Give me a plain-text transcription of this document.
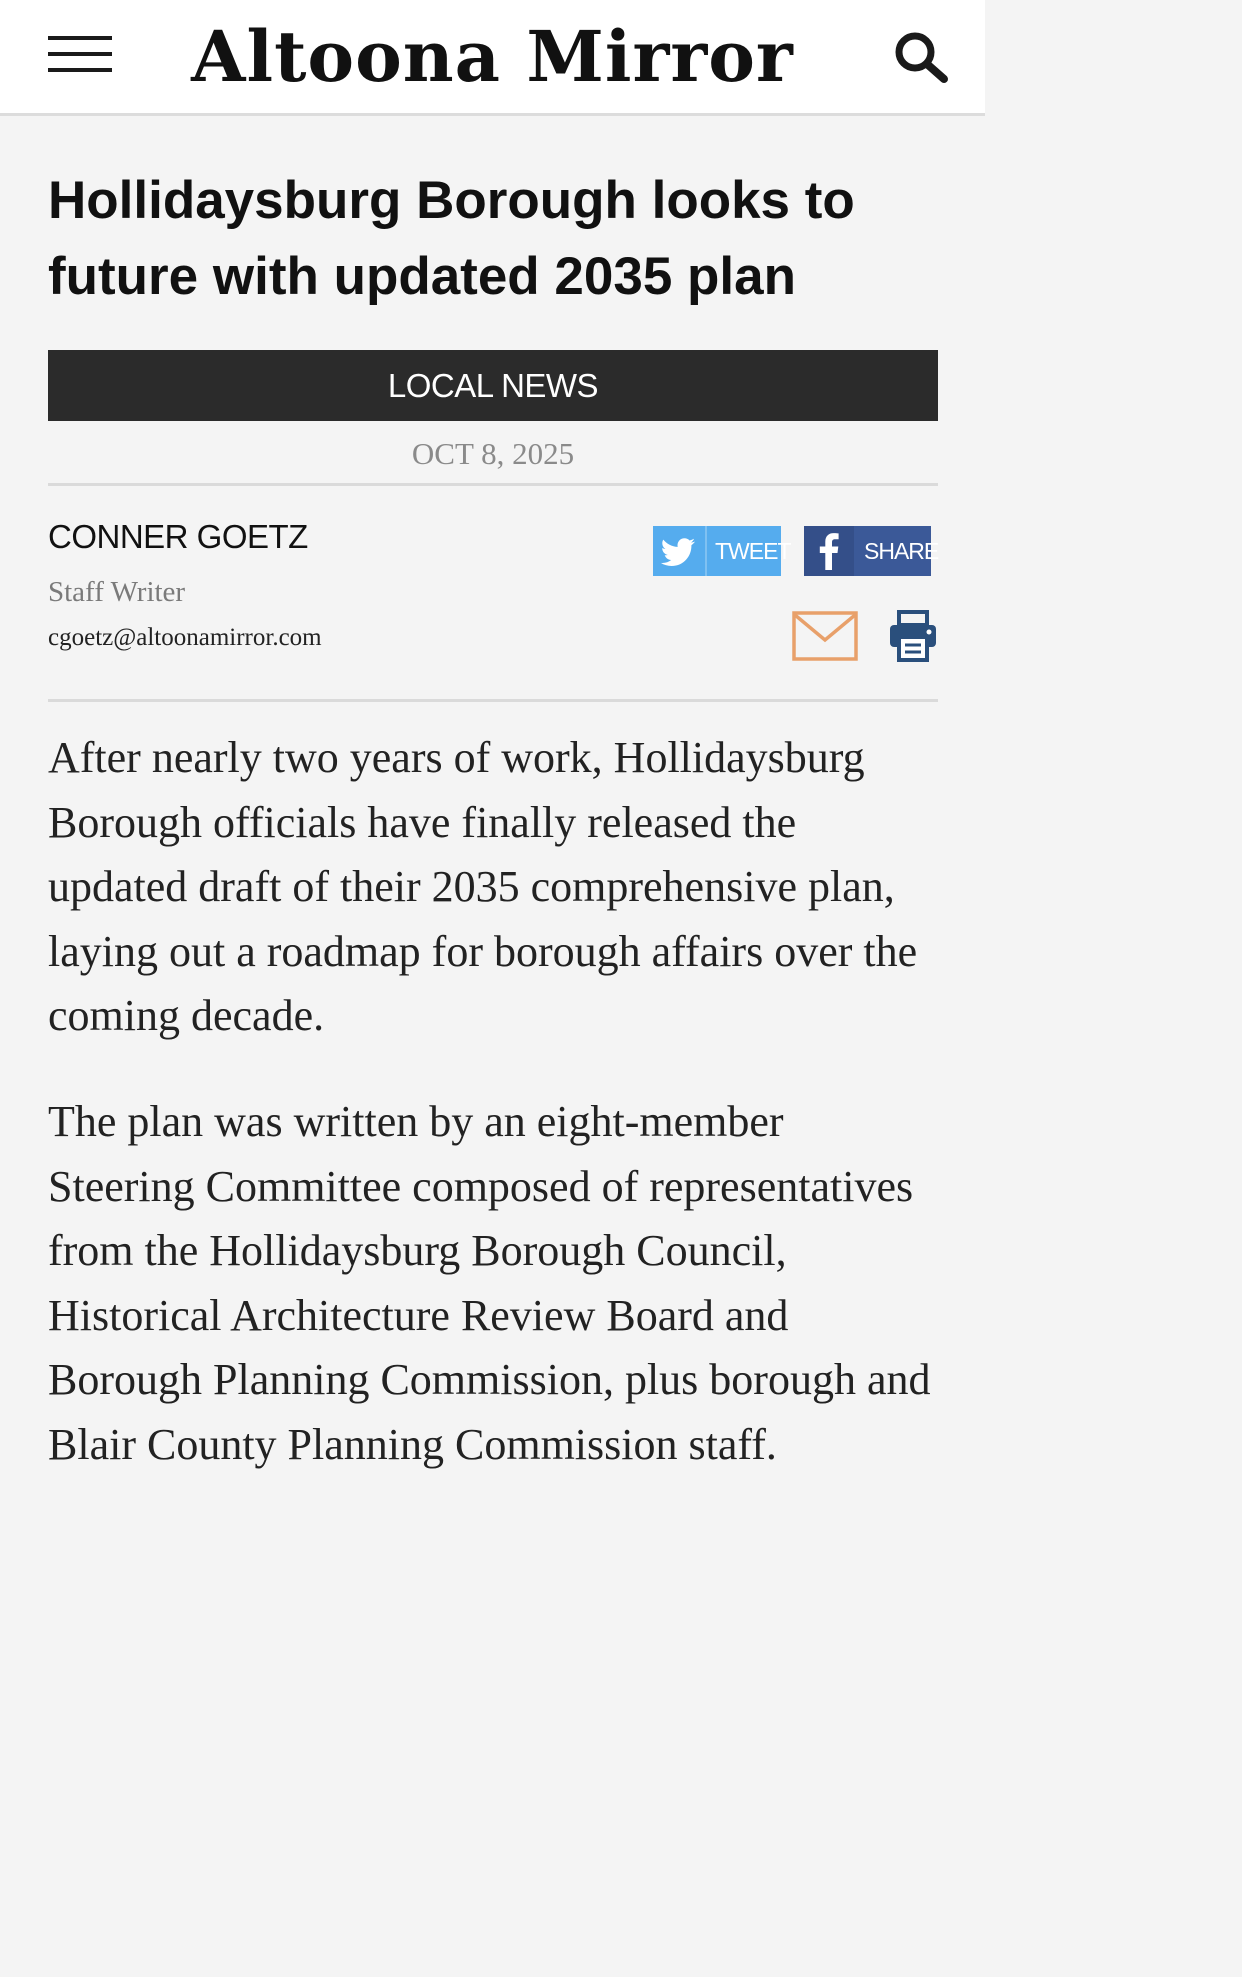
Altoona Mirror
Hollidaysburg Borough looks to future with updated 2035 plan
LOCAL NEWS
OCT 8, 2025
CONNER GOETZ
Staff Writer
cgoetz@altoonamirror.com
TWEET	SHARE

After nearly two years of work, Hollidaysburg Borough officials have finally released the updated draft of their 2035 comprehensive plan, laying out a roadmap for borough affairs over the coming decade.

The plan was written by an eight-member Steering Committee composed of representatives from the Hollidaysburg Borough Council, Historical Architecture Review Board and Borough Planning Commission, plus borough and Blair County Planning Commission staff.
